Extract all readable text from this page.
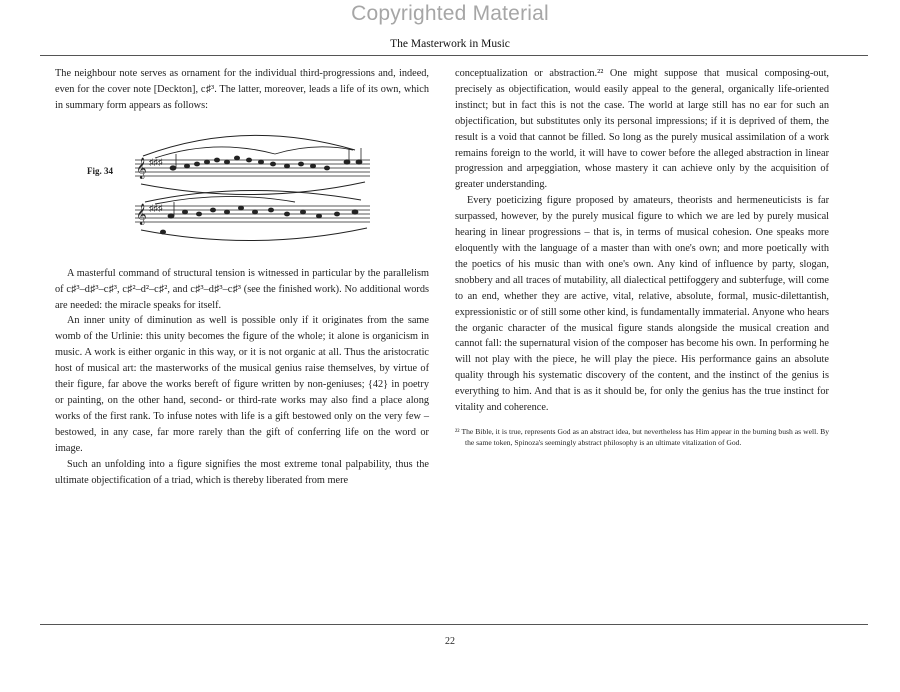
Copyrighted Material
The Masterwork in Music

The neighbour note serves as ornament for the individual third-progressions and, indeed, even for the cover note [Deckton], c♯³. The latter, moreover, leads a life of its own, which in summary form appears as follows:

Fig. 34 𝄞
𝄞
♯♯♯
♯♯♯

A masterful command of structural tension is witnessed in particular by the parallelism of c♯³–d♯³–c♯³, c♯²–d²–c♯², and c♯³–d♯³–c♯³ (see the finished work). No additional words are needed: the miracle speaks for itself.

An inner unity of diminution as well is possible only if it originates from the same womb of the Urlinie: this unity becomes the figure of the whole; it alone is organicism in music. A work is either organic in this way, or it is not organic at all. Thus the aristocratic host of musical art: the masterworks of the musical genius raise themselves, by virtue of their figure, far above the works bereft of figure written by non-geniuses; {42} in poetry or painting, on the other hand, second- or third-rate works may also find a place along works of the first rank. To infuse notes with life is a gift bestowed only on the very few – bestowed, in any case, far more rarely than the gift of conferring life on the word or image.

Such an unfolding into a figure signifies the most extreme tonal palpability, thus the ultimate objectification of a triad, which is thereby liberated from mere

conceptualization or abstraction.²² One might suppose that musical composing-out, precisely as objectification, would easily appeal to the general, organically life-oriented instinct; but in fact this is not the case. The world at large still has no ear for such an objectification, but substitutes only its personal impressions; if it is deprived of them, the result is a void that cannot be filled. So long as the purely musical assimilation of a work remains foreign to the world, it will have to cower before the alleged abstraction in linear progression and arpeggiation, whose mastery it can achieve only by the acquisition of greater understanding.

Every poeticizing figure proposed by amateurs, theorists and hermeneuticists is far surpassed, however, by the purely musical figure to which we are led by purely musical hearing in linear progressions – that is, in terms of musical cohesion. One speaks more eloquently with the language of a master than with one's own; and more poetically with the poetics of his music than with one's own. Any kind of influence by party, slogan, snobbery and all traces of mutability, all dialectical pettifoggery and subterfuge, will come to an end, whether they are active, vital, relative, absolute, formal, music-dilettantish, expressionistic or of still some other kind, is fundamentally immaterial. Anyone who hears the organic character of the musical figure stands alongside the musical creation and cannot fall: the supernatural vision of the composer has become his own. In performing he will not play with the piece, he will play the piece. His performance gains an absolute quality through his systematic discovery of the content, and the instinct of the genius is everything to him. And that is as it should be, for only the genius has the true instinct for vitality and coherence.

²² The Bible, it is true, represents God as an abstract idea, but nevertheless has Him appear in the burning bush as well. By the same token, Spinoza's seemingly abstract philosophy is an ultimate vitalization of God.
22
